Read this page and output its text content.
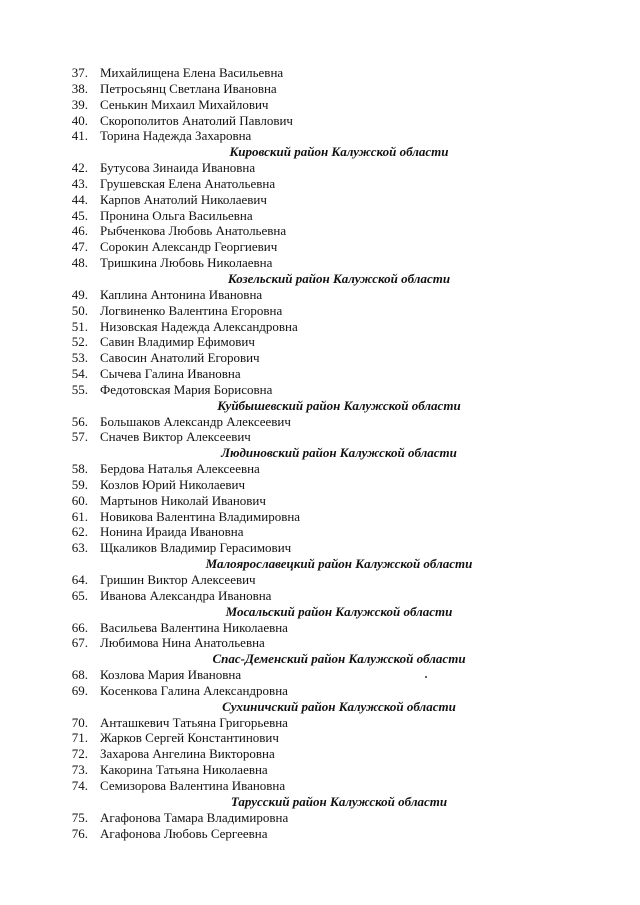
37. Михайлищена Елена Васильевна
38. Петросьянц Светлана Ивановна
39. Сенькин Михаил Михайлович
40. Скорополитов Анатолий Павлович
41. Торина Надежда Захаровна
Кировский район Калужской области
42. Бутусова Зинаида Ивановна
43. Грушевская Елена Анатольевна
44. Карпов Анатолий Николаевич
45. Пронина Ольга Васильевна
46. Рыбченкова Любовь Анатольевна
47. Сорокин Александр Георгиевич
48. Тришкина Любовь Николаевна
Козельский район Калужской области
49. Каплина Антонина Ивановна
50. Логвиненко Валентина Егоровна
51. Низовская Надежда Александровна
52. Савин Владимир Ефимович
53. Савосин Анатолий Егорович
54. Сычева Галина Ивановна
55. Федотовская Мария Борисовна
Куйбышевский район Калужской области
56. Большаков Александр Алексеевич
57. Сначев Виктор Алексеевич
Людиновский район Калужской области
58. Бердова Наталья Алексеевна
59. Козлов Юрий Николаевич
60. Мартынов Николай Иванович
61. Новикова Валентина Владимировна
62. Нонина Ираида Ивановна
63. Щкаликов Владимир Герасимович
Малоярославецкий район Калужской области
64. Гришин Виктор Алексеевич
65. Иванова Александра Ивановна
Мосальский район Калужской области
66. Васильева Валентина Николаевна
67. Любимова Нина Анатольевна
Спас-Деменский район Калужской области
68. Козлова Мария Ивановна
69. Косенкова Галина Александровна
Сухиничский район Калужской области
70. Анташкевич Татьяна Григорьевна
71. Жарков Сергей Константинович
72. Захарова Ангелина Викторовна
73. Какорина Татьяна Николаевна
74. Семизорова Валентина Ивановна
Тарусский район Калужской области
75. Агафонова Тамара Владимировна
76. Агафонова Любовь Сергеевна
